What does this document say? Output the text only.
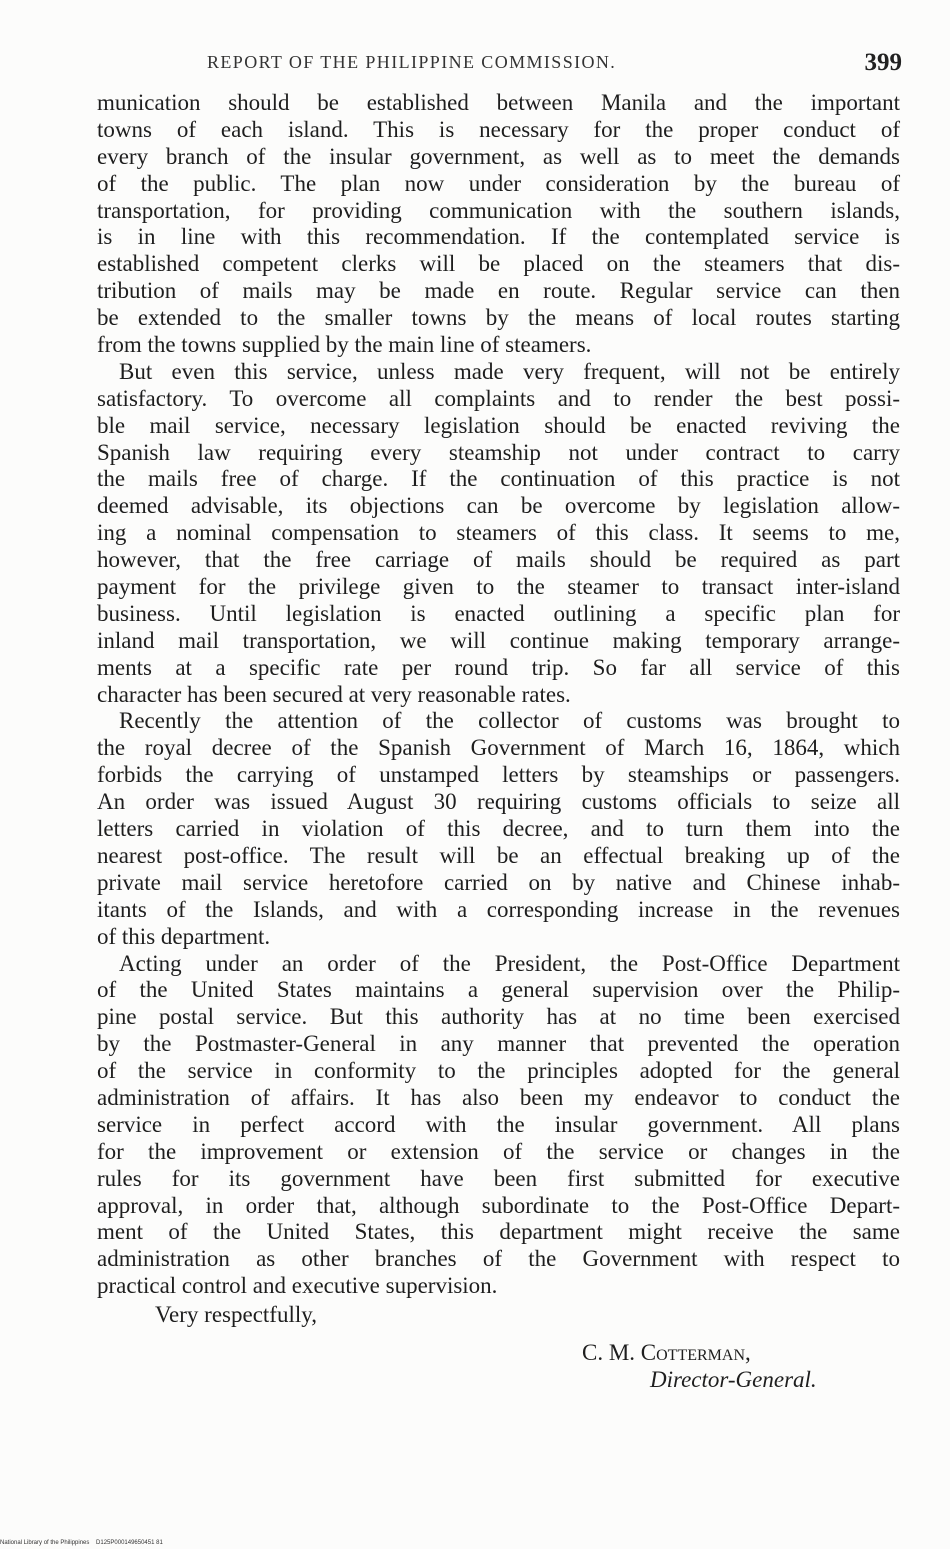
REPORT OF THE PHILIPPINE COMMISSION.	399
munication should be established between Manila and the important
towns of each island. This is necessary for the proper conduct of
every branch of the insular government, as well as to meet the demands
of the public. The plan now under consideration by the bureau of
transportation, for providing communication with the southern islands,
is in line with this recommendation. If the contemplated service is
established competent clerks will be placed on the steamers that dis-
tribution of mails may be made en route. Regular service can then
be extended to the smaller towns by the means of local routes starting
from the towns supplied by the main line of steamers.
But even this service, unless made very frequent, will not be entirely
satisfactory. To overcome all complaints and to render the best possi-
ble mail service, necessary legislation should be enacted reviving the
Spanish law requiring every steamship not under contract to carry
the mails free of charge. If the continuation of this practice is not
deemed advisable, its objections can be overcome by legislation allow-
ing a nominal compensation to steamers of this class. It seems to me,
however, that the free carriage of mails should be required as part
payment for the privilege given to the steamer to transact inter-island
business. Until legislation is enacted outlining a specific plan for
inland mail transportation, we will continue making temporary arrange-
ments at a specific rate per round trip. So far all service of this
character has been secured at very reasonable rates.
Recently the attention of the collector of customs was brought to
the royal decree of the Spanish Government of March 16, 1864, which
forbids the carrying of unstamped letters by steamships or passengers.
An order was issued August 30 requiring customs officials to seize all
letters carried in violation of this decree, and to turn them into the
nearest post-office. The result will be an effectual breaking up of the
private mail service heretofore carried on by native and Chinese inhab-
itants of the Islands, and with a corresponding increase in the revenues
of this department.
Acting under an order of the President, the Post-Office Department
of the United States maintains a general supervision over the Philip-
pine postal service. But this authority has at no time been exercised
by the Postmaster-General in any manner that prevented the operation
of the service in conformity to the principles adopted for the general
administration of affairs. It has also been my endeavor to conduct the
service in perfect accord with the insular government. All plans
for the improvement or extension of the service or changes in the
rules for its government have been first submitted for executive
approval, in order that, although subordinate to the Post-Office Depart-
ment of the United States, this department might receive the same
administration as other branches of the Government with respect to
practical control and executive supervision.
Very respectfully,
C. M. Cotterman,
Director-General.
National Library of the Philippines    D125P000149650451 81
